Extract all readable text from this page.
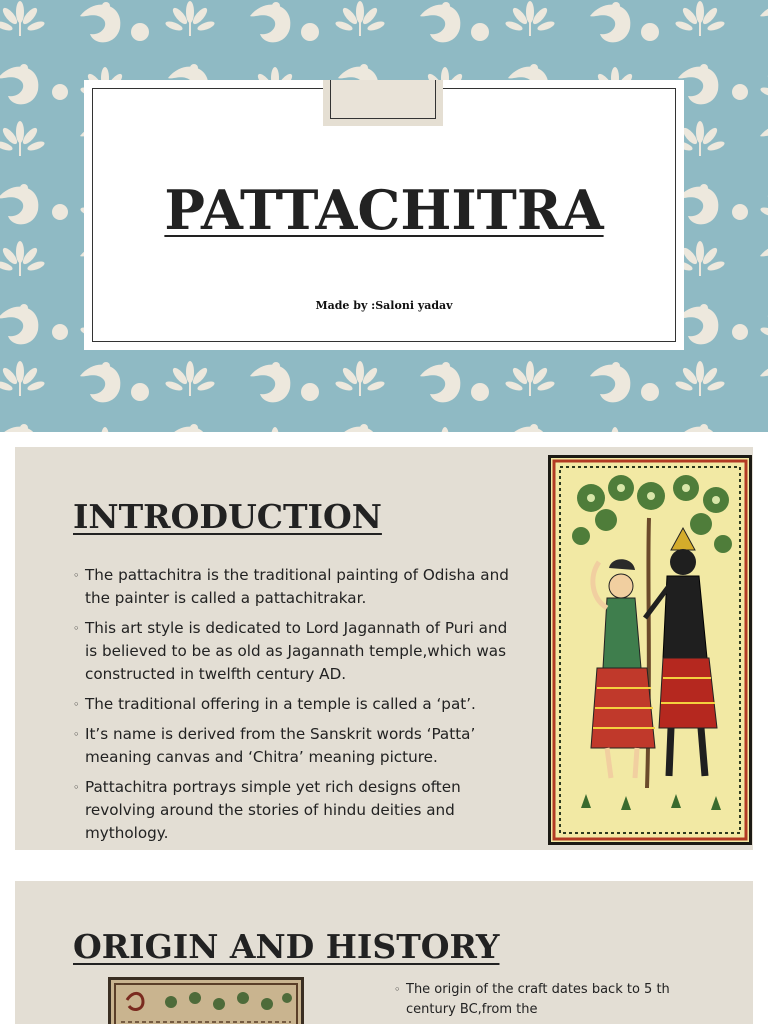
PATTACHITRA
Made by :Saloni yadav
INTRODUCTION
◦ The pattachitra is the traditional painting of Odisha and the painter is called a pattachitrakar.
◦ This art style is dedicated to Lord Jagannath of Puri and is believed to be as old as Jagannath temple,which was constructed in twelfth century AD.
◦ The traditional offering in a temple is called a ‘pat’.
◦ It’s name is derived from the Sanskrit words ‘Patta’ meaning canvas and ‘Chitra’ meaning picture.
◦ Pattachitra portrays simple yet rich designs often revolving around the stories of hindu deities and mythology.
ORIGIN AND HISTORY
◦ The origin of the craft dates back to 5 th century BC,from the
